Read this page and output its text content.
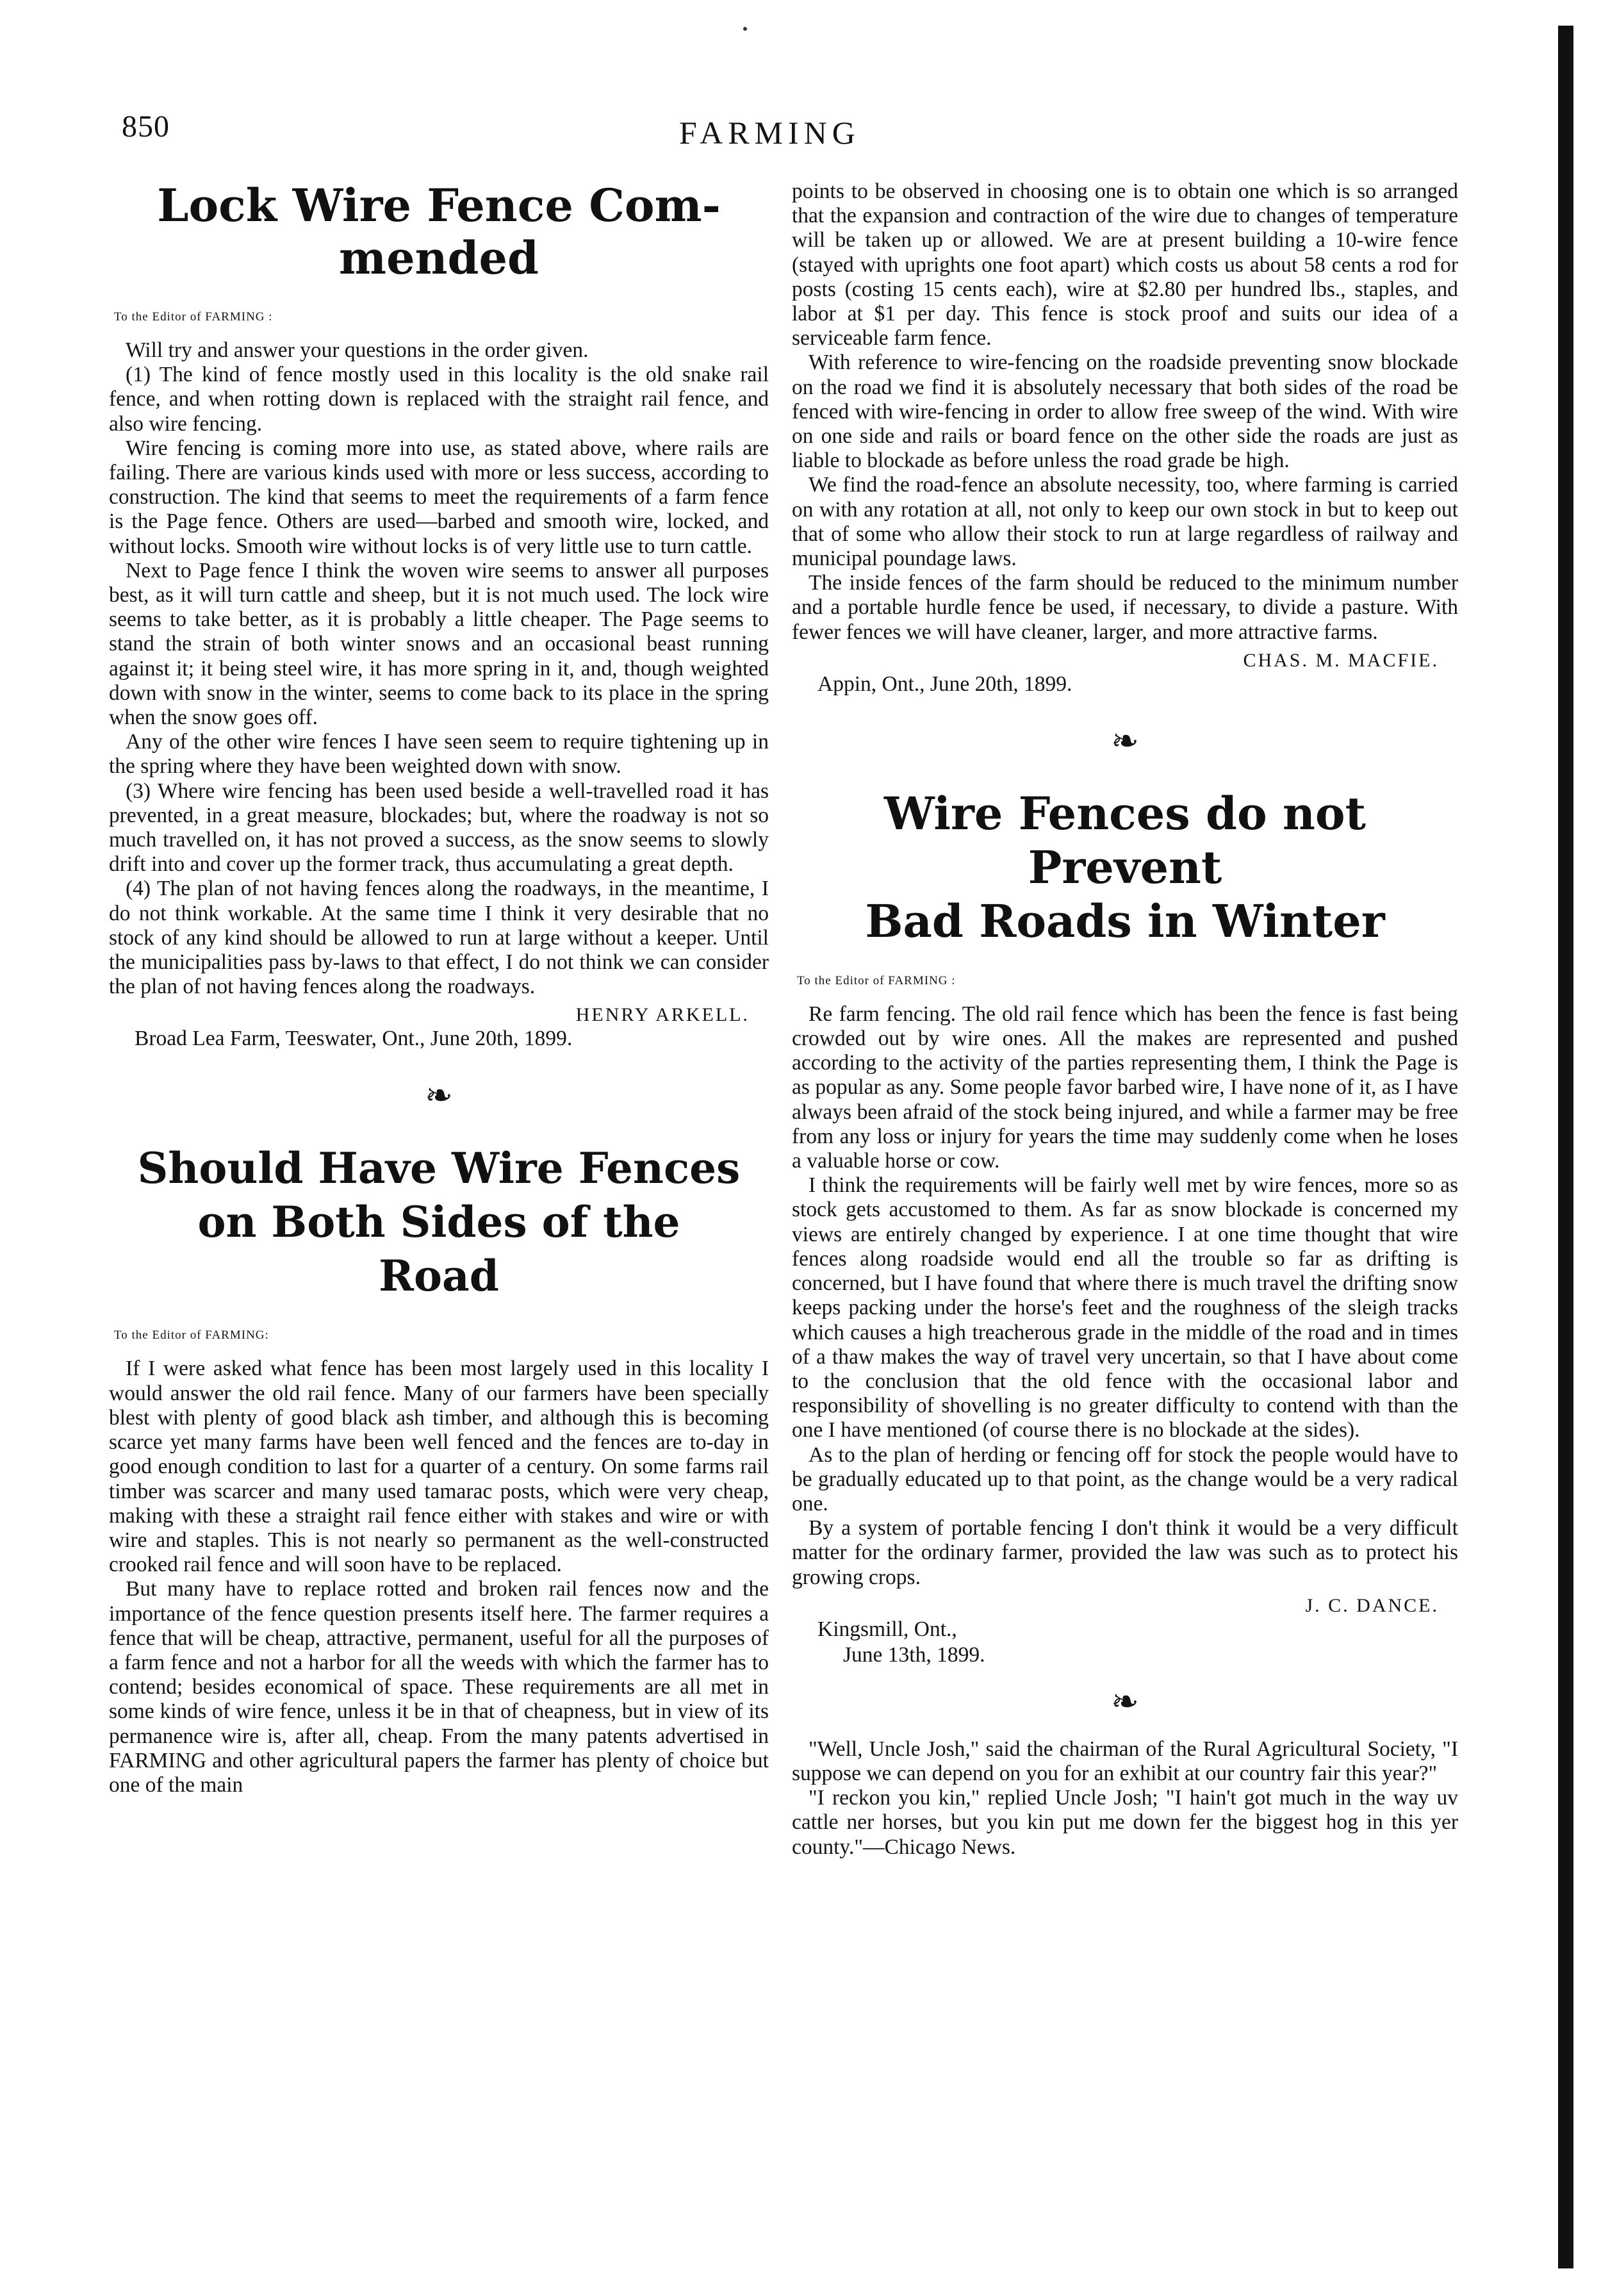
850	FARMING
Lock Wire Fence Com-
mended
To the Editor of FARMING :

Will try and answer your questions in the order given.

(1) The kind of fence mostly used in this locality is the old snake rail fence, and when rotting down is replaced with the straight rail fence, and also wire fencing.

Wire fencing is coming more into use, as stated above, where rails are failing. There are various kinds used with more or less success, according to construction. The kind that seems to meet the requirements of a farm fence is the Page fence. Others are used—barbed and smooth wire, locked, and without locks. Smooth wire without locks is of very little use to turn cattle.

Next to Page fence I think the woven wire seems to answer all purposes best, as it will turn cattle and sheep, but it is not much used. The lock wire seems to take better, as it is probably a little cheaper. The Page seems to stand the strain of both winter snows and an occasional beast running against it; it being steel wire, it has more spring in it, and, though weighted down with snow in the winter, seems to come back to its place in the spring when the snow goes off.

Any of the other wire fences I have seen seem to require tightening up in the spring where they have been weighted down with snow.

(3) Where wire fencing has been used beside a well-travelled road it has prevented, in a great measure, blockades; but, where the roadway is not so much travelled on, it has not proved a success, as the snow seems to slowly drift into and cover up the former track, thus accumulating a great depth.

(4) The plan of not having fences along the roadways, in the meantime, I do not think workable. At the same time I think it very desirable that no stock of any kind should be allowed to run at large without a keeper. Until the municipalities pass by-laws to that effect, I do not think we can consider the plan of not having fences along the roadways.

HENRY ARKELL.
Broad Lea Farm, Teeswater, Ont., June 20th, 1899.
❧
Should Have Wire Fences
on Both Sides of the
Road
To the Editor of FARMING:

If I were asked what fence has been most largely used in this locality I would answer the old rail fence. Many of our farmers have been specially blest with plenty of good black ash timber, and although this is becoming scarce yet many farms have been well fenced and the fences are to-day in good enough condition to last for a quarter of a century. On some farms rail timber was scarcer and many used tamarac posts, which were very cheap, making with these a straight rail fence either with stakes and wire or with wire and staples. This is not nearly so permanent as the well-constructed crooked rail fence and will soon have to be replaced.

But many have to replace rotted and broken rail fences now and the importance of the fence question presents itself here. The farmer requires a fence that will be cheap, attractive, permanent, useful for all the purposes of a farm fence and not a harbor for all the weeds with which the farmer has to contend; besides economical of space. These requirements are all met in some kinds of wire fence, unless it be in that of cheapness, but in view of its permanence wire is, after all, cheap. From the many patents advertised in FARMING and other agricultural papers the farmer has plenty of choice but one of the main

points to be observed in choosing one is to obtain one which is so arranged that the expansion and contraction of the wire due to changes of temperature will be taken up or allowed. We are at present building a 10-wire fence (stayed with uprights one foot apart) which costs us about 58 cents a rod for posts (costing 15 cents each), wire at $2.80 per hundred lbs., staples, and labor at $1 per day. This fence is stock proof and suits our idea of a serviceable farm fence.

With reference to wire-fencing on the roadside preventing snow blockade on the road we find it is absolutely necessary that both sides of the road be fenced with wire-fencing in order to allow free sweep of the wind. With wire on one side and rails or board fence on the other side the roads are just as liable to blockade as before unless the road grade be high.

We find the road-fence an absolute necessity, too, where farming is carried on with any rotation at all, not only to keep our own stock in but to keep out that of some who allow their stock to run at large regardless of railway and municipal poundage laws.

The inside fences of the farm should be reduced to the minimum number and a portable hurdle fence be used, if necessary, to divide a pasture. With fewer fences we will have cleaner, larger, and more attractive farms.

CHAS. M. MACFIE.
Appin, Ont., June 20th, 1899.
❧
Wire Fences do not Prevent
Bad Roads in Winter
To the Editor of FARMING :

Re farm fencing. The old rail fence which has been the fence is fast being crowded out by wire ones. All the makes are represented and pushed according to the activity of the parties representing them, I think the Page is as popular as any. Some people favor barbed wire, I have none of it, as I have always been afraid of the stock being injured, and while a farmer may be free from any loss or injury for years the time may suddenly come when he loses a valuable horse or cow.

I think the requirements will be fairly well met by wire fences, more so as stock gets accustomed to them. As far as snow blockade is concerned my views are entirely changed by experience. I at one time thought that wire fences along roadside would end all the trouble so far as drifting is concerned, but I have found that where there is much travel the drifting snow keeps packing under the horse's feet and the roughness of the sleigh tracks which causes a high treacherous grade in the middle of the road and in times of a thaw makes the way of travel very uncertain, so that I have about come to the conclusion that the old fence with the occasional labor and responsibility of shovelling is no greater difficulty to contend with than the one I have mentioned (of course there is no blockade at the sides).

As to the plan of herding or fencing off for stock the people would have to be gradually educated up to that point, as the change would be a very radical one.

By a system of portable fencing I don't think it would be a very difficult matter for the ordinary farmer, provided the law was such as to protect his growing crops.

J. C. DANCE.
Kingsmill, Ont.,
June 13th, 1899.
❧

"Well, Uncle Josh," said the chairman of the Rural Agricultural Society, "I suppose we can depend on you for an exhibit at our country fair this year?"

"I reckon you kin," replied Uncle Josh; "I hain't got much in the way uv cattle ner horses, but you kin put me down fer the biggest hog in this yer county."—Chicago News.
